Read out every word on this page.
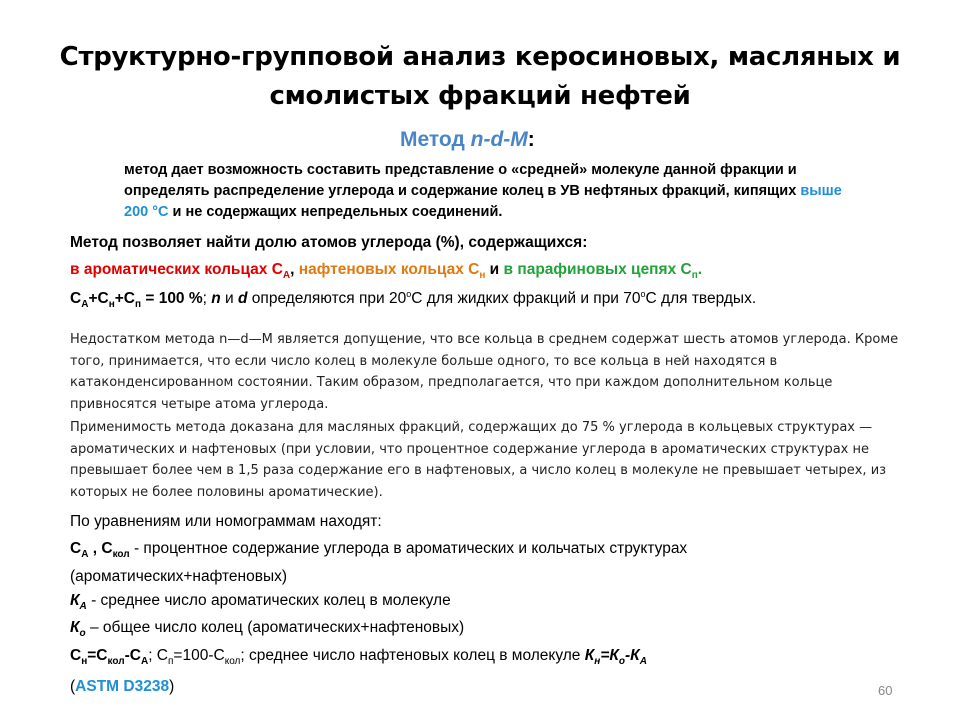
Структурно-групповой анализ керосиновых, масляных и смолистых фракций нефтей
Метод n-d-M:
метод дает возможность составить представление о «средней» молекуле данной фракции и определять распределение углерода и содержание колец в УВ нефтяных фракций, кипящих выше 200 °С и не содержащих непредельных соединений.
Метод позволяет найти долю атомов углерода (%), содержащихся:
в ароматических кольцах $С_А$, нафтеновых кольцах $С_н$ и в парафиновых цепях $С_п$.
$С_А+С_н+С_п = 100$ %; n и d определяются при $20^оС$ для жидких фракций и при $70^оС$ для твердых.
Недостатком метода n—d—M является допущение, что все кольца в среднем содержат шесть атомов углерода. Кроме того, принимается, что если число колец в молекуле больше одного, то все кольца в ней находятся в катаконденсированном состоянии. Таким образом, предполагается, что при каждом дополнительном кольце привносятся четыре атома углерода.
Применимость метода доказана для масляных фракций, содержащих до 75 % углерода в кольцевых структурах — ароматических и нафтеновых (при условии, что процентное содержание углерода в ароматических структурах не превышает более чем в 1,5 раза содержание его в нафтеновых, а число колец в молекуле не превышает четырех, из которых не более половины ароматические).
По уравнениям или номограммам находят:
$С_А$ , $С_{кол}$ - процентное содержание углерода в ароматических и кольчатых структурах (ароматических+нафтеновых)
$К_А$ - среднее число ароматических колец в молекуле
$К_о$ – общее число колец (ароматических+нафтеновых)
$С_н=С_{кол}-С_А$; $С_п=100-С_{кол}$; среднее число нафтеновых колец в молекуле $К_н=К_о-К_А$
(ASTM D3238)	60
